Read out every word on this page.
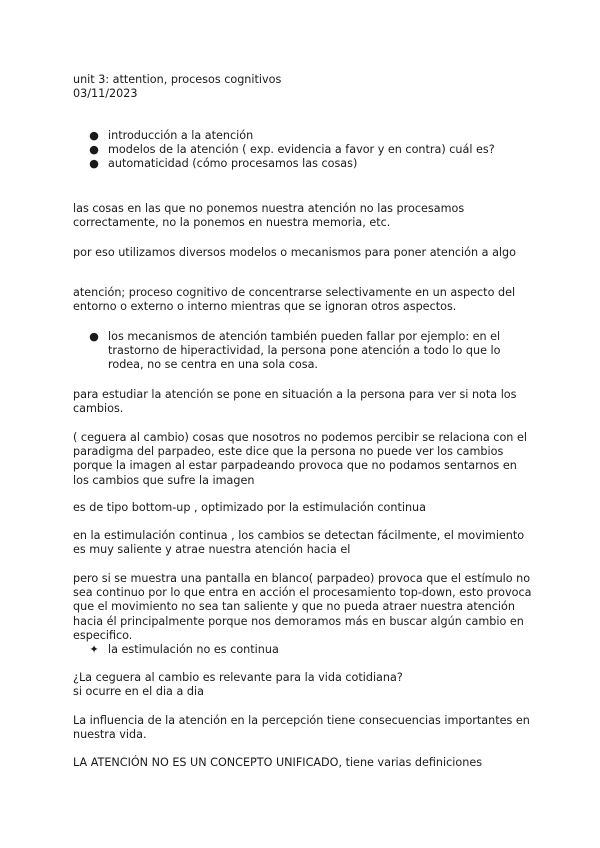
unit 3: attention, procesos cognitivos

03/11/2023

● introducción a la atención
● modelos de la atención ( exp. evidencia a favor y en contra) cuál es?
● automaticidad (cómo procesamos las cosas)

las cosas en las que no ponemos nuestra atención no las procesamos correctamente, no la ponemos en nuestra memoria, etc.

por eso utilizamos diversos modelos o mecanismos para poner atención a algo

atención; proceso cognitivo de concentrarse selectivamente en un aspecto del entorno o externo o interno mientras que se ignoran otros aspectos.

● los mecanismos de atención también pueden fallar por ejemplo: en el trastorno de hiperactividad, la persona pone atención a todo lo que lo rodea, no se centra en una sola cosa.

para estudiar la atención se pone en situación a la persona para ver si nota los cambios.

( ceguera al cambio) cosas que nosotros no podemos percibir se relaciona con el paradigma del parpadeo, este dice que la persona no puede ver los cambios porque la imagen al estar parpadeando provoca que no podamos sentarnos en los cambios que sufre la imagen

es de tipo bottom-up , optimizado por la estimulación continua

en la estimulación continua , los cambios se detectan fácilmente, el movimiento es muy saliente y atrae nuestra atención hacia el

pero si se muestra una pantalla en blanco( parpadeo) provoca que el estímulo no sea continuo por lo que entra en acción el procesamiento top-down, esto provoca que el movimiento no sea tan saliente y que no pueda atraer nuestra atención hacia él principalmente porque nos demoramos más en buscar algún cambio en especifico.

✦ la estimulación no es continua

¿La ceguera al cambio es relevante para la vida cotidiana?

si ocurre en el dia a dia

La influencia de la atención en la percepción tiene consecuencias importantes en nuestra vida.

LA ATENCIÓN NO ES UN CONCEPTO UNIFICADO, tiene varias definiciones
